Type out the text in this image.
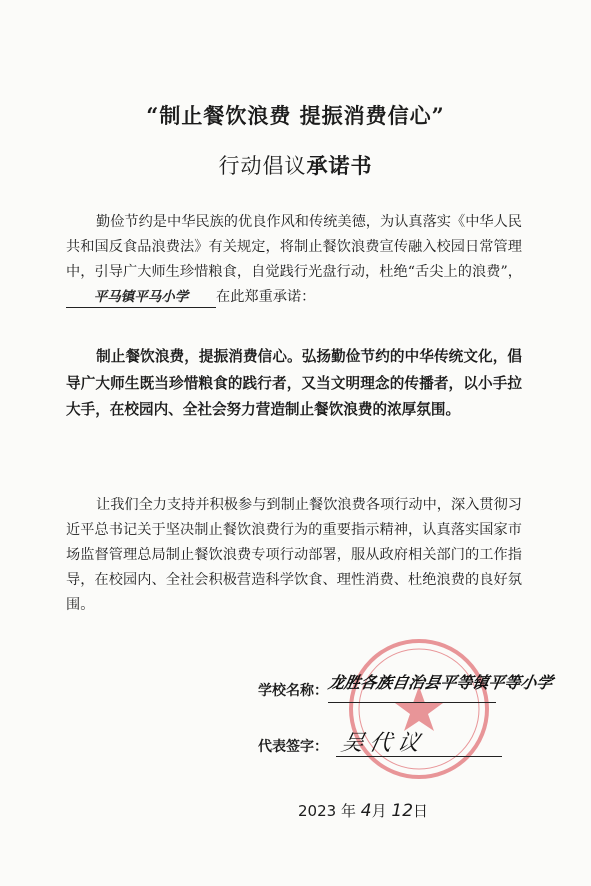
“制止餐饮浪费 提振消费信心”
行动倡议承诺书
勤俭节约是中华民族的优良作风和传统美德，为认真落实《中华人民共和国反食品浪费法》有关规定，将制止餐饮浪费宣传融入校园日常管理中，引导广大师生珍惜粮食，自觉践行光盘行动，杜绝“舌尖上的浪费”，平马镇平马小学 在此郑重承诺：
制止餐饮浪费，提振消费信心。弘扬勤俭节约的中华传统文化，倡导广大师生既当珍惜粮食的践行者，又当文明理念的传播者，以小手拉大手，在校园内、全社会努力营造制止餐饮浪费的浓厚氛围。
让我们全力支持并积极参与到制止餐饮浪费各项行动中，深入贯彻习近平总书记关于坚决制止餐饮浪费行为的重要指示精神，认真落实国家市场监督管理总局制止餐饮浪费专项行动部署，服从政府相关部门的工作指导，在校园内、全社会积极营造科学饮食、理性消费、杜绝浪费的良好氛围。
学校名称：
龙胜各族自治县平等镇平等小学
代表签字： 吴代议
2023 年 4月 12日
